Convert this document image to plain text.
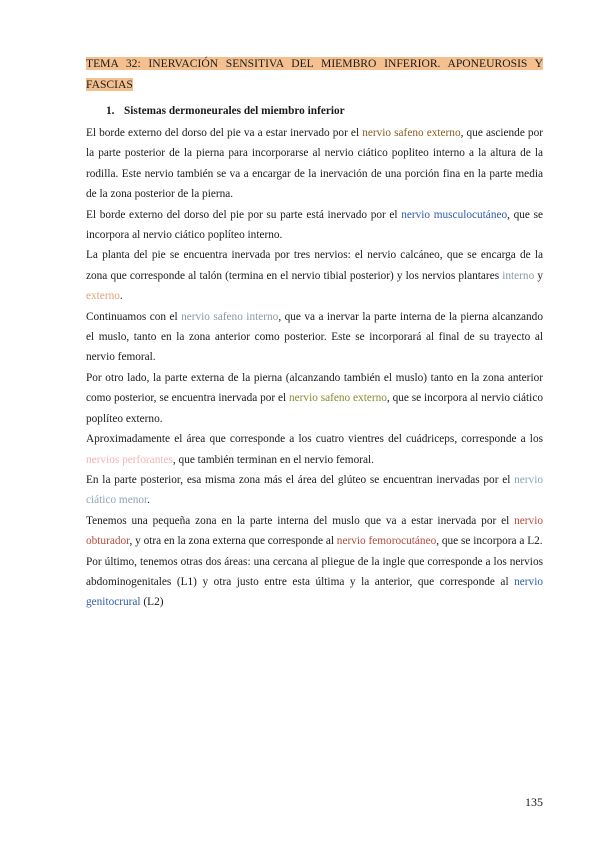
TEMA 32: INERVACIÓN SENSITIVA DEL MIEMBRO INFERIOR. APONEUROSIS Y FASCIAS
1. Sistemas dermoneurales del miembro inferior

El borde externo del dorso del pie va a estar inervado por el nervio safeno externo, que asciende por la parte posterior de la pierna para incorporarse al nervio ciático popliteo interno a la altura de la rodilla. Este nervio también se va a encargar de la inervación de una porción fina en la parte media de la zona posterior de la pierna.

El borde externo del dorso del pie por su parte está inervado por el nervio musculocutáneo, que se incorpora al nervio ciático poplíteo interno.

La planta del pie se encuentra inervada por tres nervios: el nervio calcáneo, que se encarga de la zona que corresponde al talón (termina en el nervio tibial posterior) y los nervios plantares interno y externo.

Continuamos con el nervio safeno interno, que va a inervar la parte interna de la pierna alcanzando el muslo, tanto en la zona anterior como posterior. Este se incorporará al final de su trayecto al nervio femoral.

Por otro lado, la parte externa de la pierna (alcanzando también el muslo) tanto en la zona anterior como posterior, se encuentra inervada por el nervio safeno externo, que se incorpora al nervio ciático poplíteo externo.

Aproximadamente el área que corresponde a los cuatro vientres del cuádriceps, corresponde a los nervios perforantes, que también terminan en el nervio femoral.

En la parte posterior, esa misma zona más el área del glúteo se encuentran inervadas por el nervio ciático menor.

Tenemos una pequeña zona en la parte interna del muslo que va a estar inervada por el nervio obturador, y otra en la zona externa que corresponde al nervio femorocutáneo, que se incorpora a L2.

Por último, tenemos otras dos áreas: una cercana al pliegue de la ingle que corresponde a los nervios abdominogenitales (L1) y otra justo entre esta última y la anterior, que corresponde al nervio genitocrural (L2)

135
